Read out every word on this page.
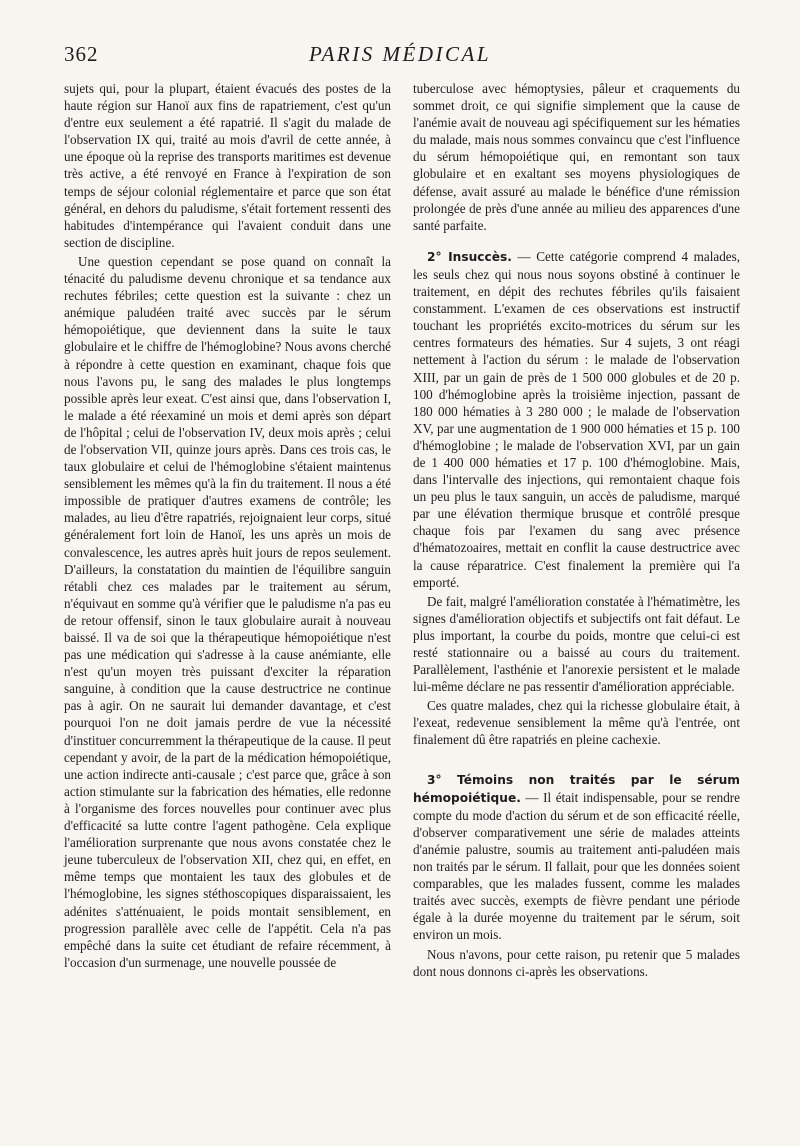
362	PARIS MÉDICAL

sujets qui, pour la plupart, étaient évacués des postes de la haute région sur Hanoï aux fins de rapatriement, c'est qu'un d'entre eux seulement a été rapatrié. Il s'agit du malade de l'observation IX qui, traité au mois d'avril de cette année, à une époque où la reprise des transports maritimes est devenue très active, a été renvoyé en France à l'expiration de son temps de séjour colonial réglementaire et parce que son état général, en dehors du paludisme, s'était fortement ressenti des habitudes d'intempérance qui l'avaient conduit dans une section de discipline.

Une question cependant se pose quand on connaît la ténacité du paludisme devenu chronique et sa tendance aux rechutes fébriles; cette question est la suivante : chez un anémique paludéen traité avec succès par le sérum hémopoiétique, que deviennent dans la suite le taux globulaire et le chiffre de l'hémoglobine? Nous avons cherché à répondre à cette question en examinant, chaque fois que nous l'avons pu, le sang des malades le plus longtemps possible après leur exeat. C'est ainsi que, dans l'observation I, le malade a été réexaminé un mois et demi après son départ de l'hôpital ; celui de l'observation IV, deux mois après ; celui de l'observation VII, quinze jours après. Dans ces trois cas, le taux globulaire et celui de l'hémoglobine s'étaient maintenus sensiblement les mêmes qu'à la fin du traitement. Il nous a été impossible de pratiquer d'autres examens de contrôle; les malades, au lieu d'être rapatriés, rejoignaient leur corps, situé généralement fort loin de Hanoï, les uns après un mois de convalescence, les autres après huit jours de repos seulement. D'ailleurs, la constatation du maintien de l'équilibre sanguin rétabli chez ces malades par le traitement au sérum, n'équivaut en somme qu'à vérifier que le paludisme n'a pas eu de retour offensif, sinon le taux globulaire aurait à nouveau baissé. Il va de soi que la thérapeutique hémopoiétique n'est pas une médication qui s'adresse à la cause anémiante, elle n'est qu'un moyen très puissant d'exciter la réparation sanguine, à condition que la cause destructrice ne continue pas à agir. On ne saurait lui demander davantage, et c'est pourquoi l'on ne doit jamais perdre de vue la nécessité d'instituer concurremment la thérapeutique de la cause. Il peut cependant y avoir, de la part de la médication hémopoiétique, une action indirecte anti-causale ; c'est parce que, grâce à son action stimulante sur la fabrication des hématies, elle redonne à l'organisme des forces nouvelles pour continuer avec plus d'efficacité sa lutte contre l'agent pathogène. Cela explique l'amélioration surprenante que nous avons constatée chez le jeune tuberculeux de l'observation XII, chez qui, en effet, en même temps que montaient les taux des globules et de l'hémoglobine, les signes stéthoscopiques disparaissaient, les adénites s'atténuaient, le poids montait sensiblement, en progression parallèle avec celle de l'appétit. Cela n'a pas empêché dans la suite cet étudiant de refaire récemment, à l'occasion d'un surmenage, une nouvelle poussée de

tuberculose avec hémoptysies, pâleur et craquements du sommet droit, ce qui signifie simplement que la cause de l'anémie avait de nouveau agi spécifiquement sur les hématies du malade, mais nous sommes convaincu que c'est l'influence du sérum hémopoiétique qui, en remontant son taux globulaire et en exaltant ses moyens physiologiques de défense, avait assuré au malade le bénéfice d'une rémission prolongée de près d'une année au milieu des apparences d'une santé parfaite.

2° Insuccès. — Cette catégorie comprend 4 malades, les seuls chez qui nous nous soyons obstiné à continuer le traitement, en dépit des rechutes fébriles qu'ils faisaient constamment. L'examen de ces observations est instructif touchant les propriétés excito-motrices du sérum sur les centres formateurs des hématies. Sur 4 sujets, 3 ont réagi nettement à l'action du sérum : le malade de l'observation XIII, par un gain de près de 1 500 000 globules et de 20 p. 100 d'hémoglobine après la troisième injection, passant de 180 000 hématies à 3 280 000 ; le malade de l'observation XV, par une augmentation de 1 900 000 hématies et 15 p. 100 d'hémoglobine ; le malade de l'observation XVI, par un gain de 1 400 000 hématies et 17 p. 100 d'hémoglobine. Mais, dans l'intervalle des injections, qui remontaient chaque fois un peu plus le taux sanguin, un accès de paludisme, marqué par une élévation thermique brusque et contrôlé presque chaque fois par l'examen du sang avec présence d'hématozoaires, mettait en conflit la cause destructrice avec la cause réparatrice. C'est finalement la première qui l'a emporté.

De fait, malgré l'amélioration constatée à l'hématimètre, les signes d'amélioration objectifs et subjectifs ont fait défaut. Le plus important, la courbe du poids, montre que celui-ci est resté stationnaire ou a baissé au cours du traitement. Parallèlement, l'asthénie et l'anorexie persistent et le malade lui-même déclare ne pas ressentir d'amélioration appréciable.

Ces quatre malades, chez qui la richesse globulaire était, à l'exeat, redevenue sensiblement la même qu'à l'entrée, ont finalement dû être rapatriés en pleine cachexie.

3° Témoins non traités par le sérum hémopoiétique. — Il était indispensable, pour se rendre compte du mode d'action du sérum et de son efficacité réelle, d'observer comparativement une série de malades atteints d'anémie palustre, soumis au traitement anti-paludéen mais non traités par le sérum. Il fallait, pour que les données soient comparables, que les malades fussent, comme les malades traités avec succès, exempts de fièvre pendant une période égale à la durée moyenne du traitement par le sérum, soit environ un mois.

Nous n'avons, pour cette raison, pu retenir que 5 malades dont nous donnons ci-après les observations.
